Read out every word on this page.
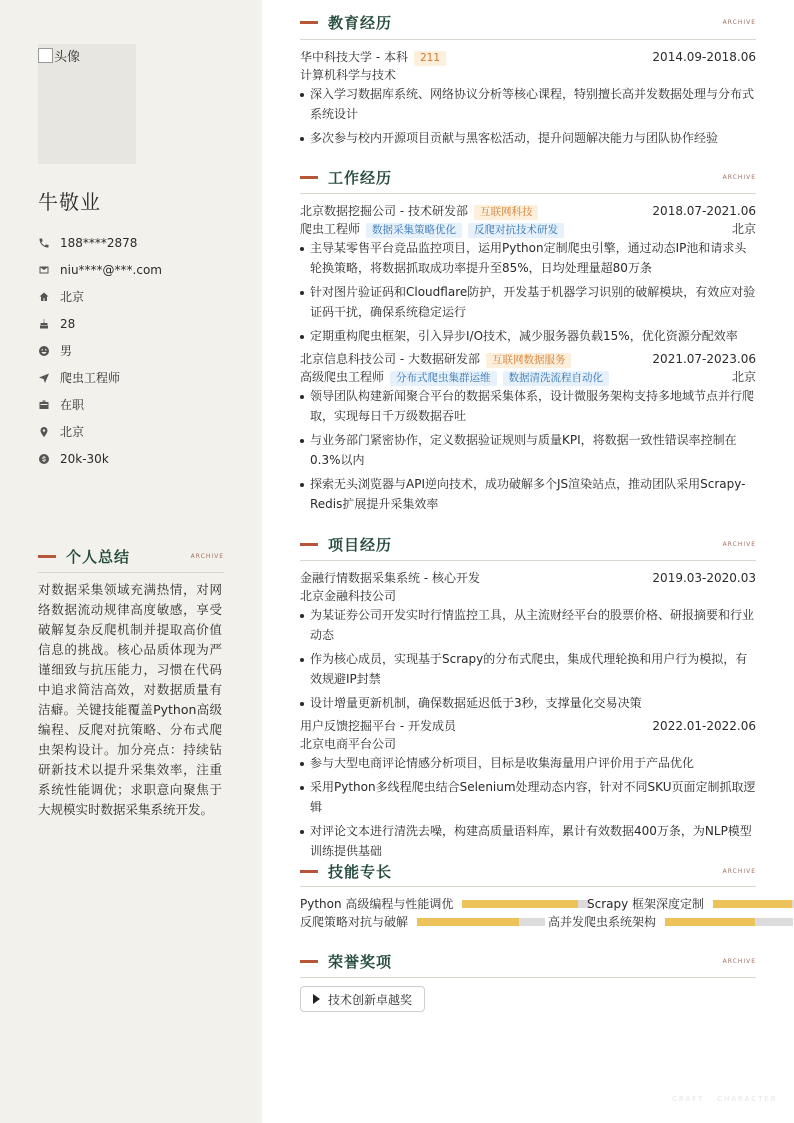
头像
牛敬业
188****2878
niu****@***.com
北京
28
男
爬虫工程师
在职
北京
20k-30k
个人总结	ARCHIVE
对数据采集领域充满热情，对网络数据流动规律高度敏感，享受破解复杂反爬机制并提取高价值信息的挑战。核心品质体现为严谨细致与抗压能力，习惯在代码中追求简洁高效，对数据质量有洁癖。关键技能覆盖Python高级编程、反爬对抗策略、分布式爬虫架构设计。加分亮点：持续钻研新技术以提升采集效率，注重系统性能调优；求职意向聚焦于大规模实时数据采集系统开发。
教育经历	ARCHIVE
华中科技大学 - 本科 211	2014.09-2018.06
计算机科学与技术
深入学习数据库系统、网络协议分析等核心课程，特别擅长高并发数据处理与分布式系统设计
多次参与校内开源项目贡献与黑客松活动，提升问题解决能力与团队协作经验
工作经历	ARCHIVE
北京数据挖掘公司 - 技术研发部 互联网科技	2018.07-2021.06
爬虫工程师 数据采集策略优化 反爬对抗技术研发	北京
主导某零售平台竞品监控项目，运用Python定制爬虫引擎，通过动态IP池和请求头轮换策略，将数据抓取成功率提升至85%，日均处理量超80万条
针对图片验证码和Cloudflare防护，开发基于机器学习识别的破解模块，有效应对验证码干扰，确保系统稳定运行
定期重构爬虫框架，引入异步I/O技术，减少服务器负载15%，优化资源分配效率
北京信息科技公司 - 大数据研发部 互联网数据服务	2021.07-2023.06
高级爬虫工程师 分布式爬虫集群运维 数据清洗流程自动化	北京
领导团队构建新闻聚合平台的数据采集体系，设计微服务架构支持多地域节点并行爬取，实现每日千万级数据吞吐
与业务部门紧密协作，定义数据验证规则与质量KPI，将数据一致性错误率控制在0.3%以内
探索无头浏览器与API逆向技术，成功破解多个JS渲染站点，推动团队采用Scrapy-Redis扩展提升采集效率
项目经历	ARCHIVE
金融行情数据采集系统 - 核心开发	2019.03-2020.03
北京金融科技公司
为某证券公司开发实时行情监控工具，从主流财经平台的股票价格、研报摘要和行业动态
作为核心成员，实现基于Scrapy的分布式爬虫，集成代理轮换和用户行为模拟，有效规避IP封禁
设计增量更新机制，确保数据延迟低于3秒，支撑量化交易决策
用户反馈挖掘平台 - 开发成员	2022.01-2022.06
北京电商平台公司
参与大型电商评论情感分析项目，目标是收集海量用户评价用于产品优化
采用Python多线程爬虫结合Selenium处理动态内容，针对不同SKU页面定制抓取逻辑
对评论文本进行清洗去噪，构建高质量语料库，累计有效数据400万条，为NLP模型训练提供基础
技能专长	ARCHIVE
Python 高级编程与性能调优	Scrapy 框架深度定制
反爬策略对抗与破解	高并发爬虫系统架构
荣誉奖项	ARCHIVE
技术创新卓越奖
CRAFT · CHARACTER
